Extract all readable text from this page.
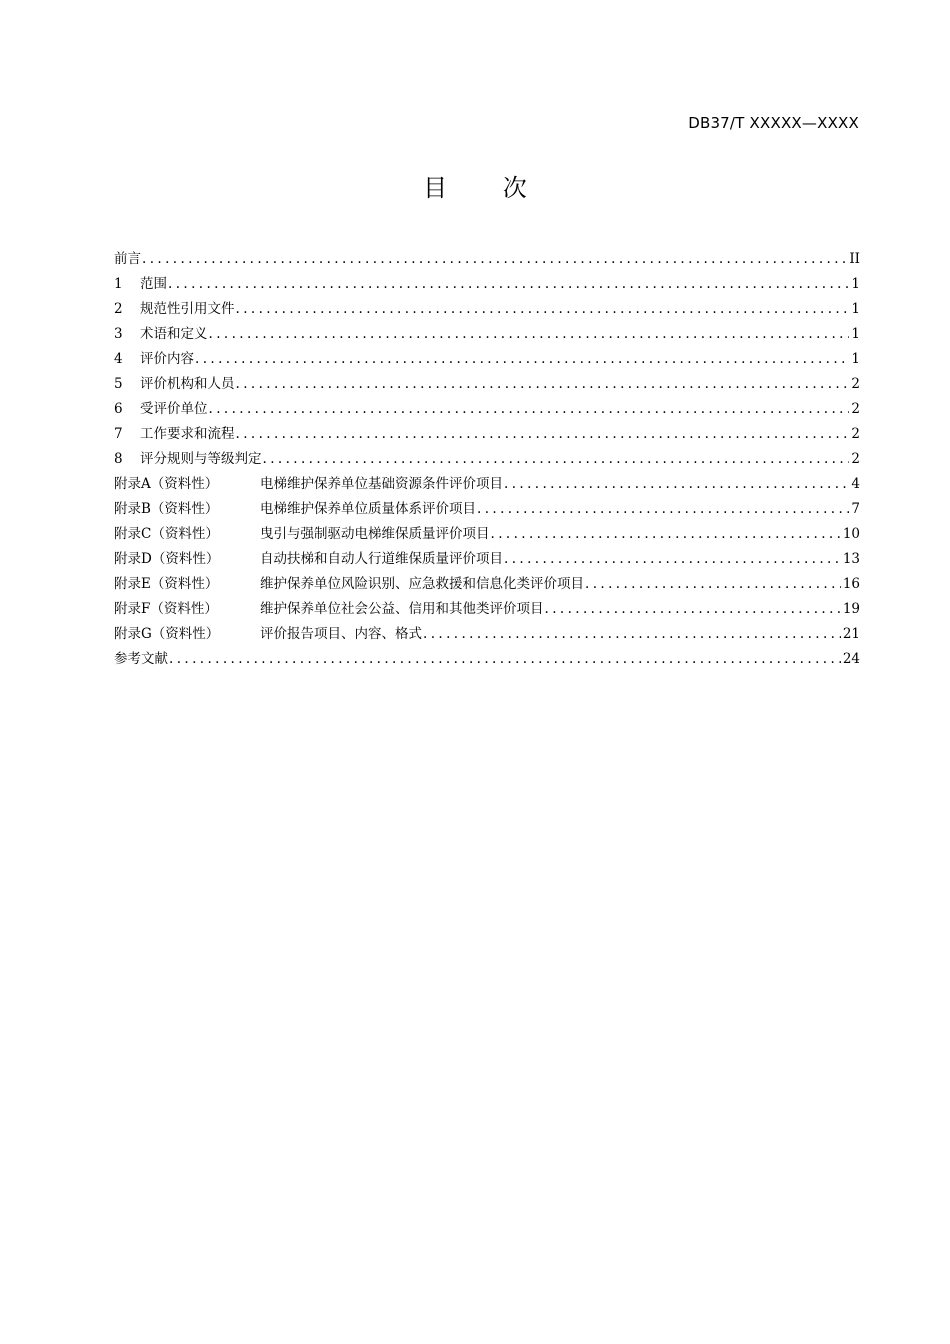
DB37/T XXXXX—XXXX
目 次
前言 .....	II
1	范围 .....	1
2	规范性引用文件 .....	1
3	术语和定义 .....	1
4	评价内容 .....	1
5	评价机构和人员 .....	2
6	受评价单位 .....	2
7	工作要求和流程 .....	2
8	评分规则与等级判定 .....	2
附录A（资料性）	电梯维护保养单位基础资源条件评价项目 .....	4
附录B（资料性）	电梯维护保养单位质量体系评价项目 .....	7
附录C（资料性）	曳引与强制驱动电梯维保质量评价项目 .....	10
附录D（资料性）	自动扶梯和自动人行道维保质量评价项目 .....	13
附录E（资料性）	维护保养单位风险识别、应急救援和信息化类评价项目 .....	16
附录F（资料性）	维护保养单位社会公益、信用和其他类评价项目 .....	19
附录G（资料性）	评价报告项目、内容、格式 .....	21
参考文献 .....	24
